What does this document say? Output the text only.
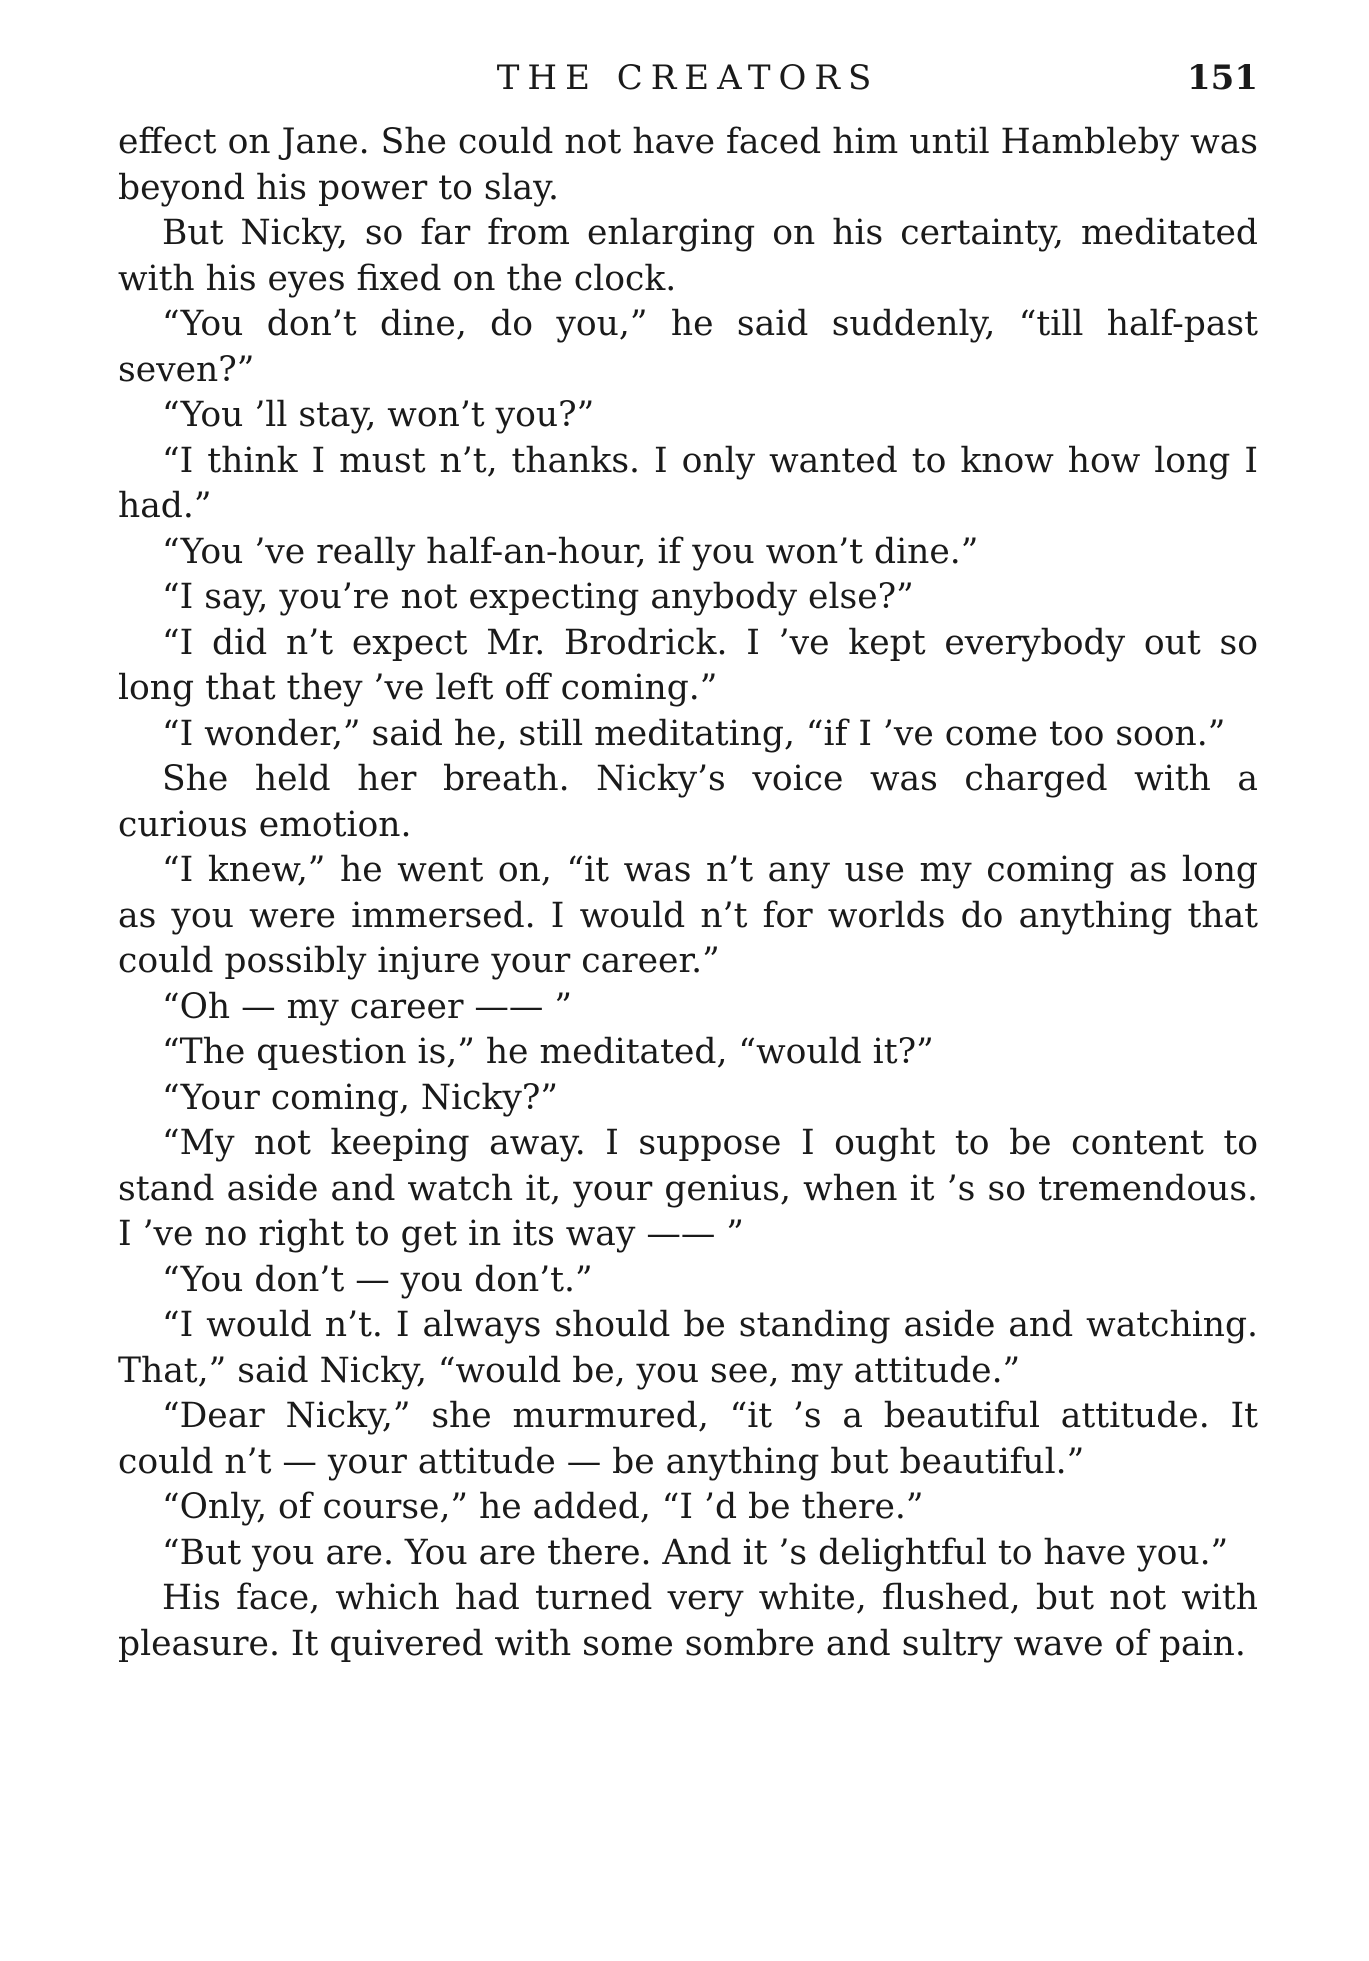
THE CREATORS	151

effect on Jane. She could not have faced him until Hambleby was beyond his power to slay.

But Nicky, so far from enlarging on his certainty, meditated with his eyes fixed on the clock.

“You don’t dine, do you,” he said suddenly, “till half-past seven?”

“You ’ll stay, won’t you?”

“I think I must n’t, thanks. I only wanted to know how long I had.”

“You ’ve really half-an-hour, if you won’t dine.”

“I say, you’re not expecting anybody else?”

“I did n’t expect Mr. Brodrick. I ’ve kept everybody out so long that they ’ve left off coming.”

“I wonder,” said he, still meditating, “if I ’ve come too soon.”

She held her breath. Nicky’s voice was charged with a curious emotion.

“I knew,” he went on, “it was n’t any use my coming as long as you were immersed. I would n’t for worlds do anything that could possibly injure your career.”

“Oh — my career —— ”

“The question is,” he meditated, “would it?”

“Your coming, Nicky?”

“My not keeping away. I suppose I ought to be content to stand aside and watch it, your genius, when it ’s so tremendous. I ’ve no right to get in its way —— ”

“You don’t — you don’t.”

“I would n’t. I always should be standing aside and watching. That,” said Nicky, “would be, you see, my attitude.”

“Dear Nicky,” she murmured, “it ’s a beautiful attitude. It could n’t — your attitude — be anything but beautiful.”

“Only, of course,” he added, “I ’d be there.”

“But you are. You are there. And it ’s delightful to have you.”

His face, which had turned very white, flushed, but not with pleasure. It quivered with some sombre and sultry wave of pain.
